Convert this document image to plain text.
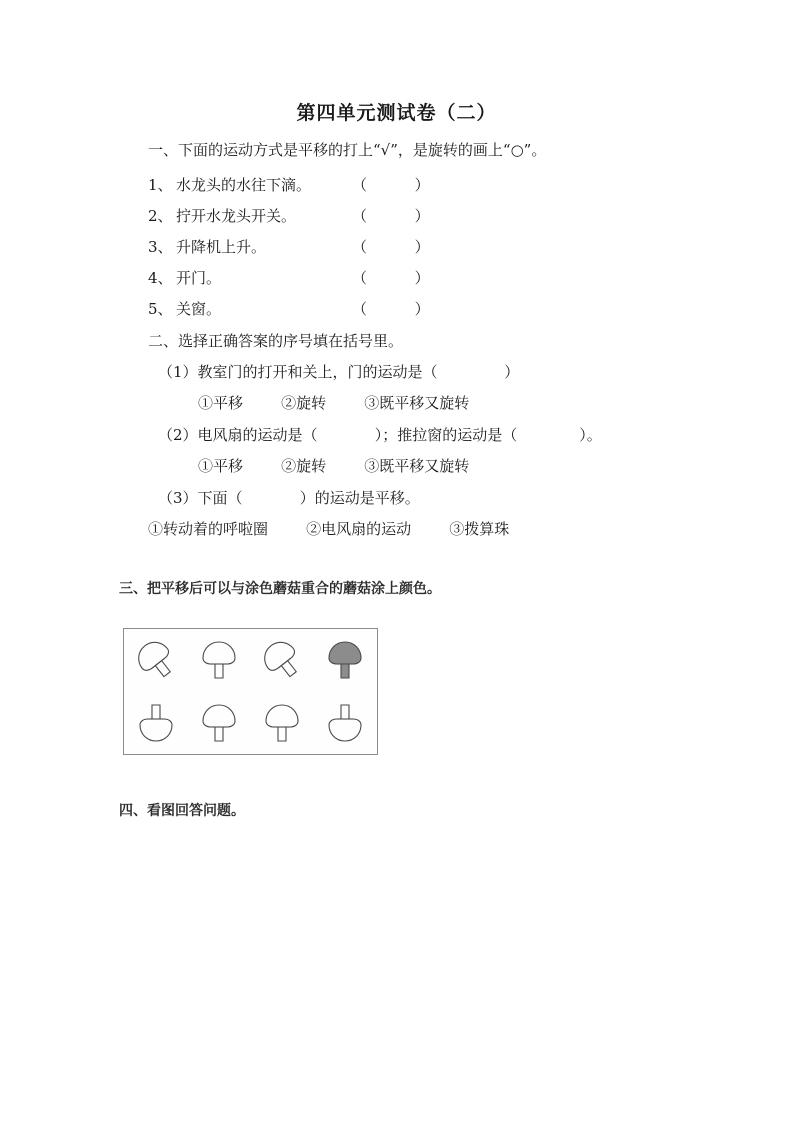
第四单元测试卷（二）
一、下面的运动方式是平移的打上“√”，是旋转的画上“○”。
1、 水龙头的水往下滴。	（          ）
2、 拧开水龙头开关。	（          ）
3、 升降机上升。	（          ）
4、 开门。	（          ）
5、 关窗。	（          ）
二、选择正确答案的序号填在括号里。
（1）教室门的打开和关上，门的运动是（              ）
①平移        ②旋转        ③既平移又旋转
（2）电风扇的运动是（            ）；推拉窗的运动是（             ）。
①平移        ②旋转        ③既平移又旋转
（3）下面（            ）的运动是平移。
①转动着的呼啦圈        ②电风扇的运动        ③拨算珠
三、把平移后可以与涂色蘑菇重合的蘑菇涂上颜色。
四、看图回答问题。
